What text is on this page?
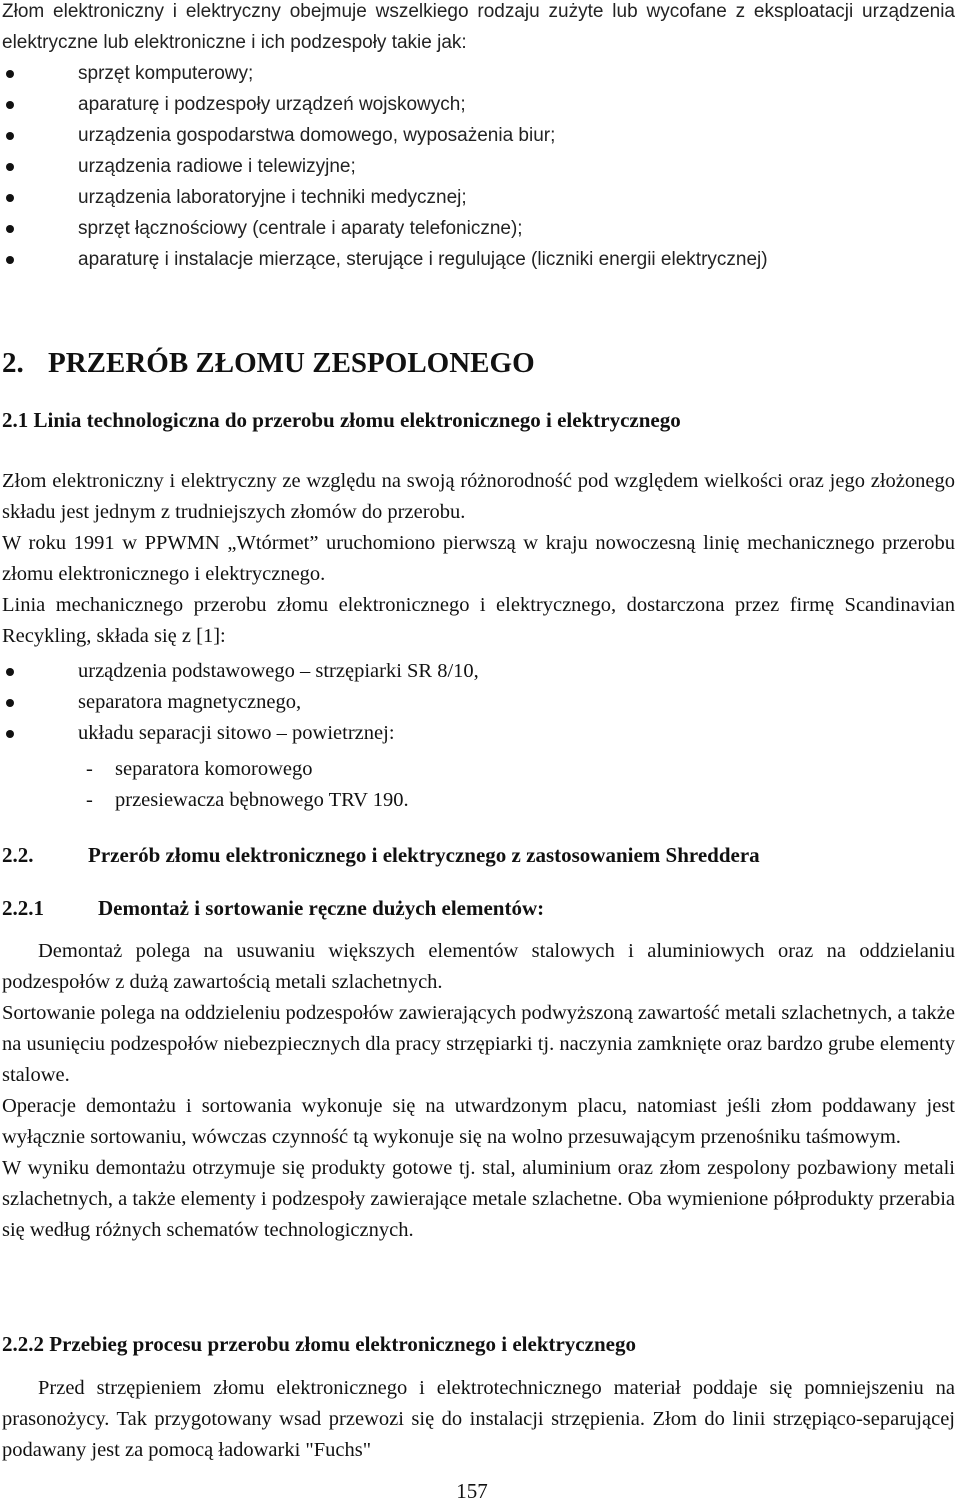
Złom elektroniczny i elektryczny obejmuje wszelkiego rodzaju zużyte lub wycofane z eksploatacji urządzenia elektryczne lub elektroniczne i ich podzespoły takie jak:

sprzęt komputerowy;
aparaturę i podzespoły urządzeń wojskowych;
urządzenia gospodarstwa domowego, wyposażenia biur;
urządzenia radiowe i telewizyjne;
urządzenia laboratoryjne i techniki medycznej;
sprzęt łącznościowy (centrale i aparaty telefoniczne);
aparaturę i instalacje mierzące, sterujące i regulujące (liczniki energii elektrycznej)
2. PRZERÓB ZŁOMU ZESPOLONEGO
2.1 Linia technologiczna do przerobu złomu elektronicznego i elektrycznego

Złom elektroniczny i elektryczny ze względu na swoją różnorodność pod względem wielkości oraz jego złożonego składu jest jednym z trudniejszych złomów do przerobu.

W roku 1991 w PPWMN „Wtórmet” uruchomiono pierwszą w kraju nowoczesną linię mechanicznego przerobu złomu elektronicznego i elektrycznego.

Linia mechanicznego przerobu złomu elektronicznego i elektrycznego, dostarczona przez firmę Scandinavian Recykling, składa się z [1]:

urządzenia podstawowego – strzępiarki SR 8/10,
separatora magnetycznego,
układu separacji sitowo – powietrznej:
- separatora komorowego
- przesiewacza bębnowego TRV 190.
2.2.	Przerób złomu elektronicznego i elektrycznego z zastosowaniem Shreddera
2.2.1	Demontaż i sortowanie ręczne dużych elementów:

Demontaż polega na usuwaniu większych elementów stalowych i aluminiowych oraz na oddzielaniu podzespołów z dużą zawartością metali szlachetnych.

Sortowanie polega na oddzieleniu podzespołów zawierających podwyższoną zawartość metali szlachetnych, a także na usunięciu podzespołów niebezpiecznych dla pracy strzępiarki tj. naczynia zamknięte oraz bardzo grube elementy stalowe.

Operacje demontażu i sortowania wykonuje się na utwardzonym placu, natomiast jeśli złom poddawany jest wyłącznie sortowaniu, wówczas czynność tą wykonuje się na wolno przesuwającym przenośniku taśmowym.

W wyniku demontażu otrzymuje się produkty gotowe tj. stal, aluminium oraz złom zespolony pozbawiony metali szlachetnych, a także elementy i podzespoły zawierające metale szlachetne. Oba wymienione półprodukty przerabia się według różnych schematów technologicznych.

2.2.2 Przebieg procesu przerobu złomu elektronicznego i elektrycznego

Przed strzępieniem złomu elektronicznego i elektrotechnicznego materiał poddaje się pomniejszeniu na prasonożycy. Tak przygotowany wsad przewozi się do instalacji strzępienia. Złom do linii strzępiąco-separującej podawany jest za pomocą ładowarki "Fuchs"

157
